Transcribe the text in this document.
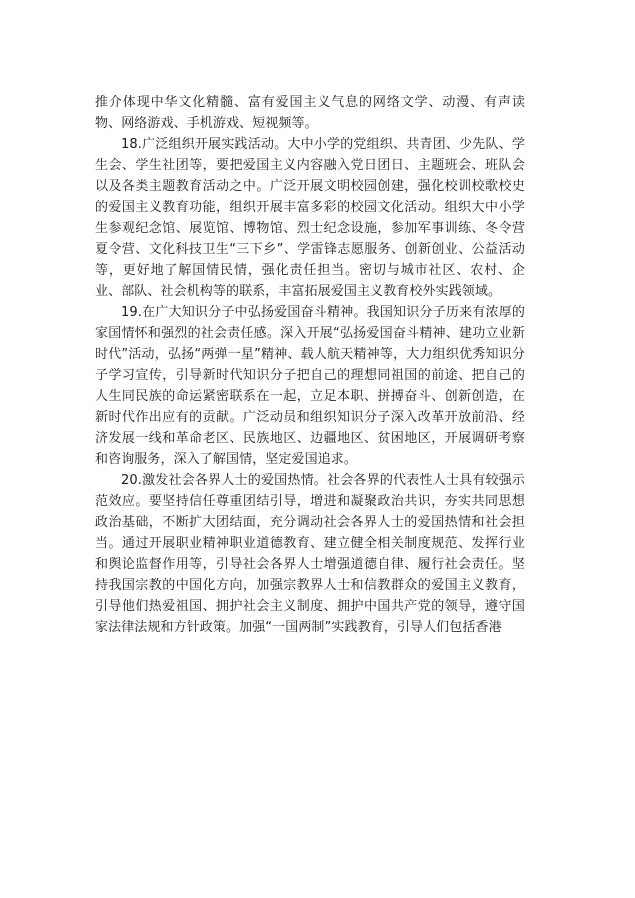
推介体现中华文化精髓、富有爱国主义气息的网络文学、动漫、有声读物、网络游戏、手机游戏、短视频等。

18.广泛组织开展实践活动。大中小学的党组织、共青团、少先队、学生会、学生社团等，要把爱国主义内容融入党日团日、主题班会、班队会以及各类主题教育活动之中。广泛开展文明校园创建，强化校训校歌校史的爱国主义教育功能，组织开展丰富多彩的校园文化活动。组织大中小学生参观纪念馆、展览馆、博物馆、烈士纪念设施，参加军事训练、冬令营夏令营、文化科技卫生“三下乡”、学雷锋志愿服务、创新创业、公益活动等，更好地了解国情民情，强化责任担当。密切与城市社区、农村、企业、部队、社会机构等的联系，丰富拓展爱国主义教育校外实践领域。

19.在广大知识分子中弘扬爱国奋斗精神。我国知识分子历来有浓厚的家国情怀和强烈的社会责任感。深入开展“弘扬爱国奋斗精神、建功立业新时代”活动，弘扬“两弹一星”精神、载人航天精神等，大力组织优秀知识分子学习宣传，引导新时代知识分子把自己的理想同祖国的前途、把自己的人生同民族的命运紧密联系在一起，立足本职、拼搏奋斗、创新创造，在新时代作出应有的贡献。广泛动员和组织知识分子深入改革开放前沿、经济发展一线和革命老区、民族地区、边疆地区、贫困地区，开展调研考察和咨询服务，深入了解国情，坚定爱国追求。

20.激发社会各界人士的爱国热情。社会各界的代表性人士具有较强示范效应。要坚持信任尊重团结引导，增进和凝聚政治共识，夯实共同思想政治基础，不断扩大团结面，充分调动社会各界人士的爱国热情和社会担当。通过开展职业精神职业道德教育、建立健全相关制度规范、发挥行业和舆论监督作用等，引导社会各界人士增强道德自律、履行社会责任。坚持我国宗教的中国化方向，加强宗教界人士和信教群众的爱国主义教育，引导他们热爱祖国、拥护社会主义制度、拥护中国共产党的领导，遵守国家法律法规和方针政策。加强“一国两制”实践教育，引导人们包括香港
